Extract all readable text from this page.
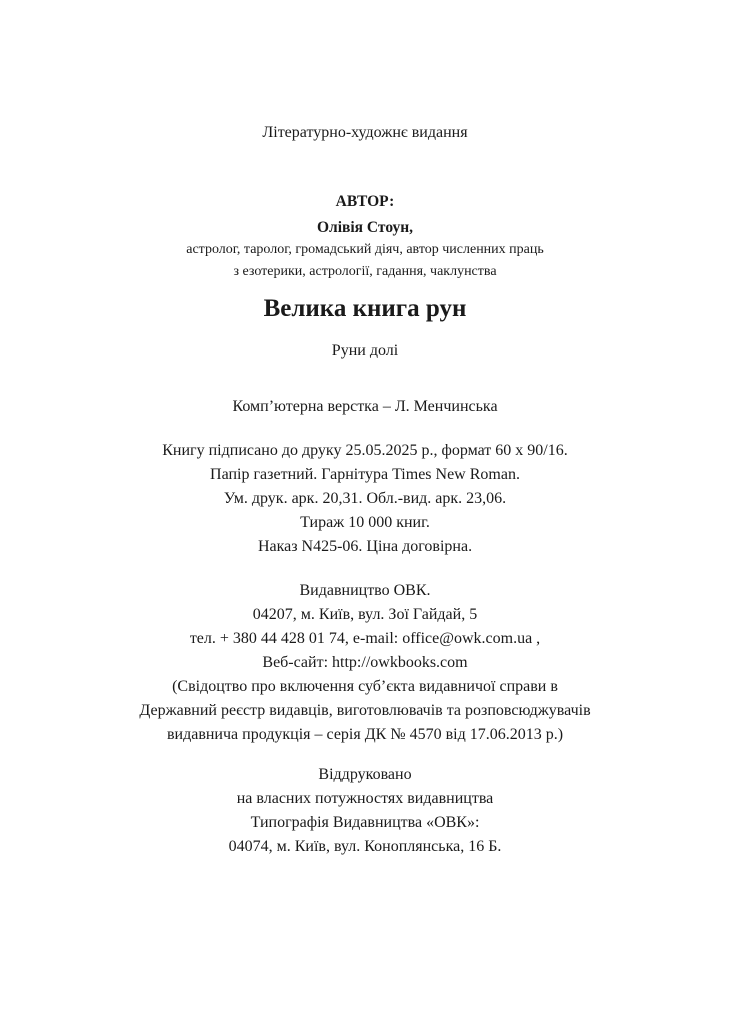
Літературно-художнє видання
АВТОР:
Олівія Стоун,
астролог, таролог, громадський діяч, автор численних праць
з езотерики, астрології, гадання, чаклунства
Велика книга рун
Руни долі
Комп’ютерна верстка – Л. Менчинська
Книгу підписано до друку 25.05.2025 р., формат 60 х 90/16.
Папір газетний. Гарнітура Times New Roman.
Ум. друк. арк. 20,31. Обл.-вид. арк. 23,06.
Тираж 10 000 книг.
Наказ N425-06. Ціна договірна.
Видавництво ОВК.
04207, м. Київ, вул. Зої Гайдай, 5
тел. + 380 44 428 01 74, e-mail: office@owk.com.ua ,
Веб-сайт: http://owkbooks.com
(Свідоцтво про включення суб’єкта видавничої справи в
Державний реєстр видавців, виготовлювачів та розповсюджувачів
видавнича продукція – серія ДК № 4570 від 17.06.2013 р.)
Віддруковано
на власних потужностях видавництва
Типографія Видавництва «ОВК»:
04074, м. Київ, вул. Коноплянська, 16 Б.
